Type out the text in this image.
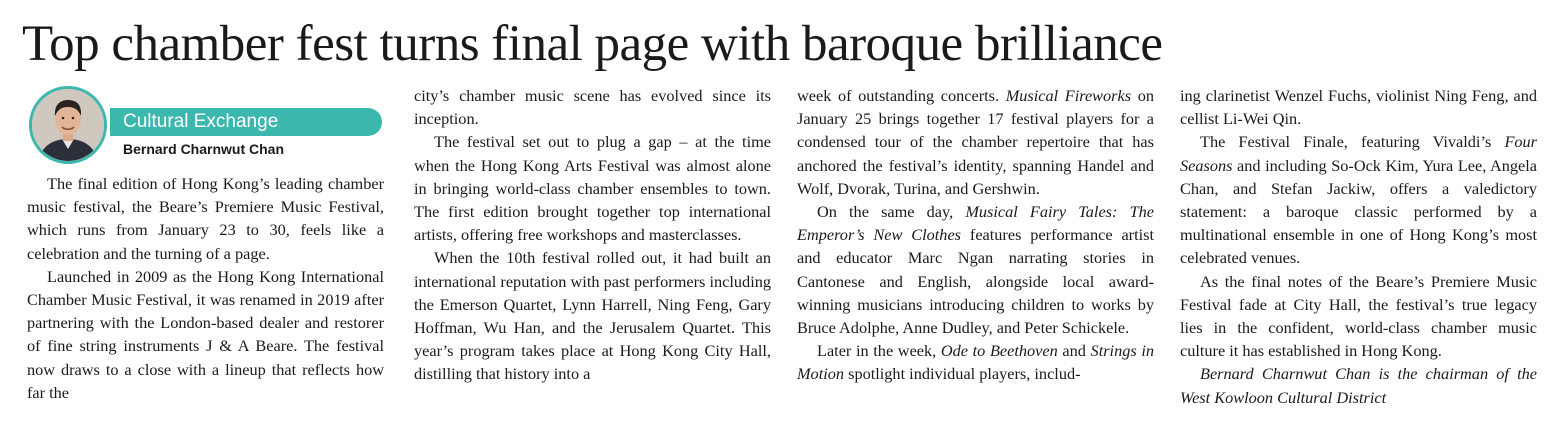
Top chamber fest turns final page with baroque brilliance
Cultural Exchange
Bernard Charnwut Chan

The final edition of Hong Kong’s leading chamber music festival, the Beare’s Premiere Music Festival, which runs from January 23 to 30, feels like a celebration and the turning of a page.

Launched in 2009 as the Hong Kong International Chamber Music Festival, it was renamed in 2019 after partnering with the London-based dealer and restorer of fine string instruments J & A Beare. The festival now draws to a close with a lineup that reflects how far the

city’s chamber music scene has evolved since its inception.

The festival set out to plug a gap – at the time when the Hong Kong Arts Festival was almost alone in bringing world-class chamber ensembles to town. The first edition brought together top international artists, offering free workshops and masterclasses.

When the 10th festival rolled out, it had built an international reputation with past performers including the Emerson Quartet, Lynn Harrell, Ning Feng, Gary Hoffman, Wu Han, and the Jerusalem Quartet. This year’s program takes place at Hong Kong City Hall, distilling that history into a

week of outstanding concerts. Musical Fireworks on January 25 brings together 17 festival players for a condensed tour of the chamber repertoire that has anchored the festival’s identity, spanning Handel and Wolf, Dvorak, Turina, and Gershwin.

On the same day, Musical Fairy Tales: The Emperor’s New Clothes features performance artist and educator Marc Ngan narrating stories in Cantonese and English, alongside local award-winning musicians introducing children to works by Bruce Adolphe, Anne Dudley, and Peter Schickele.

Later in the week, Ode to Beethoven and Strings in Motion spotlight individual players, includ-

ing clarinetist Wenzel Fuchs, violinist Ning Feng, and cellist Li-Wei Qin.

The Festival Finale, featuring Vivaldi’s Four Seasons and including So-Ock Kim, Yura Lee, Angela Chan, and Stefan Jackiw, offers a valedictory statement: a baroque classic performed by a multinational ensemble in one of Hong Kong’s most celebrated venues.

As the final notes of the Beare’s Premiere Music Festival fade at City Hall, the festival’s true legacy lies in the confident, world-class chamber music culture it has established in Hong Kong.

Bernard Charnwut Chan is the chairman of the West Kowloon Cultural District
